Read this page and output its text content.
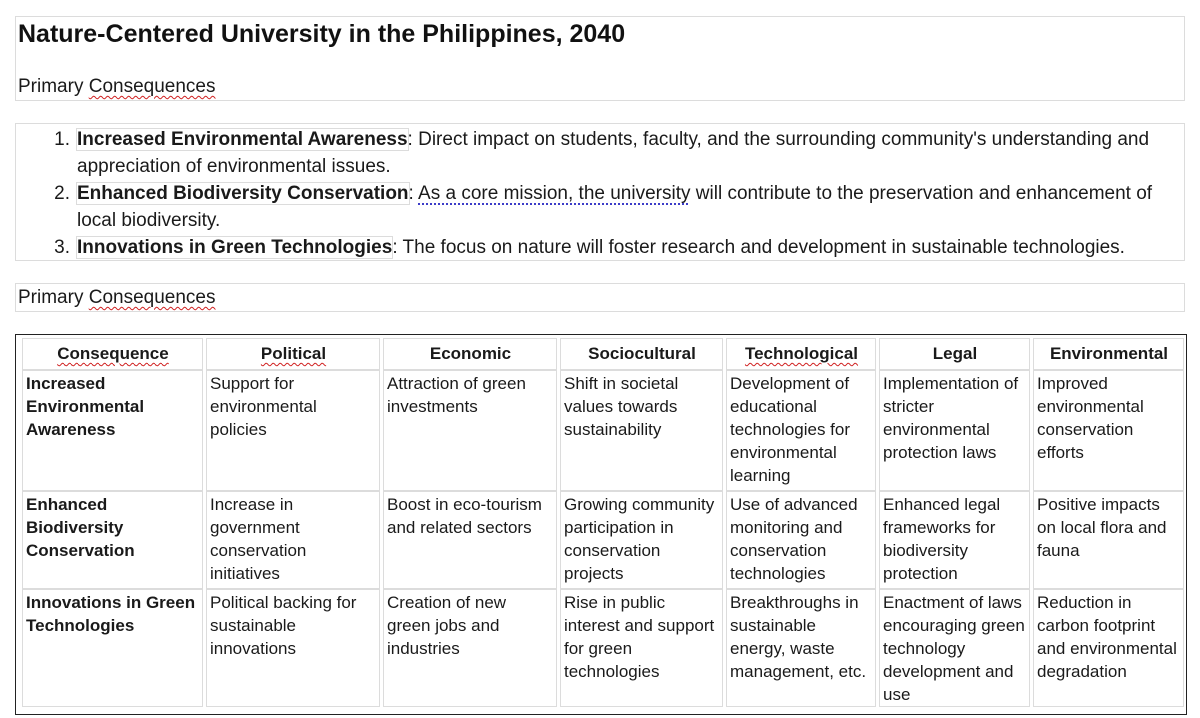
Nature-Centered University in the Philippines, 2040
Primary Consequences
1. Increased Environmental Awareness: Direct impact on students, faculty, and the surrounding community's understanding and appreciation of environmental issues.
2. Enhanced Biodiversity Conservation: As a core mission, the university will contribute to the preservation and enhancement of local biodiversity.
3. Innovations in Green Technologies: The focus on nature will foster research and development in sustainable technologies.
Primary Consequences
Consequence	Political	Economic	Sociocultural	Technological	Legal	Environmental

Increased Environmental Awareness	Support for environmental policies	Attraction of green investments	Shift in societal values towards sustainability	Development of educational technologies for environmental learning	Implementation of stricter environmental protection laws	Improved environmental conservation efforts
Enhanced Biodiversity Conservation	Increase in government conservation initiatives	Boost in eco-tourism and related sectors	Growing community participation in conservation projects	Use of advanced monitoring and conservation technologies	Enhanced legal frameworks for biodiversity protection	Positive impacts on local flora and fauna
Innovations in Green Technologies	Political backing for sustainable innovations	Creation of new green jobs and industries	Rise in public interest and support for green technologies	Breakthroughs in sustainable energy, waste management, etc.	Enactment of laws encouraging green technology development and use	Reduction in carbon footprint and environmental degradation
